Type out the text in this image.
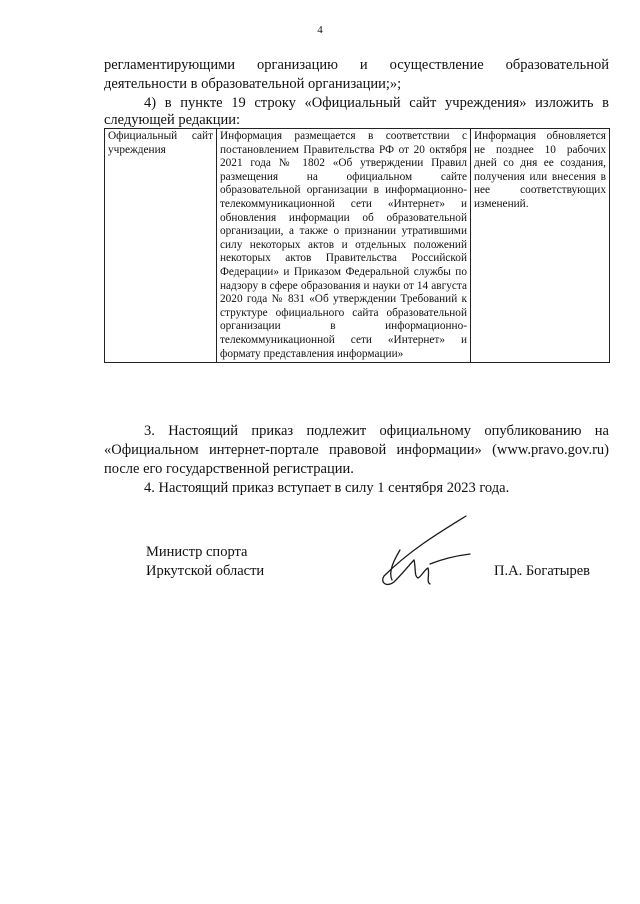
4
регламентирующими организацию и осуществление образовательной
деятельности в образовательной организации;»;
4) в пункте 19 строку «Официальный сайт учреждения» изложить в
следующей редакции:
Официальный сайт учреждения	Информация размещается в соответствии с постановлением Правительства РФ от 20 октября 2021 года № 1802 «Об утверждении Правил размещения на официальном сайте образовательной организации в информационно-телекоммуникационной сети «Интернет» и обновления информации об образовательной организации, а также о признании утратившими силу некоторых актов и отдельных положений некоторых актов Правительства Российской Федерации» и Приказом Федеральной службы по надзору в сфере образования и науки от 14 августа 2020 года № 831 «Об утверждении Требований к структуре официального сайта образовательной организации в информационно-телекоммуникационной сети «Интернет» и формату представления информации»	Информация обновляется не позднее 10 рабочих дней со дня ее создания, получения или внесения в нее соответствующих изменений.
3. Настоящий приказ подлежит официальному опубликованию на
«Официальном интернет-портале правовой информации» (www.pravo.gov.ru)
после его государственной регистрации.
4. Настоящий приказ вступает в силу 1 сентября 2023 года.
Министр спорта
Иркутской области	П.А. Богатырев
